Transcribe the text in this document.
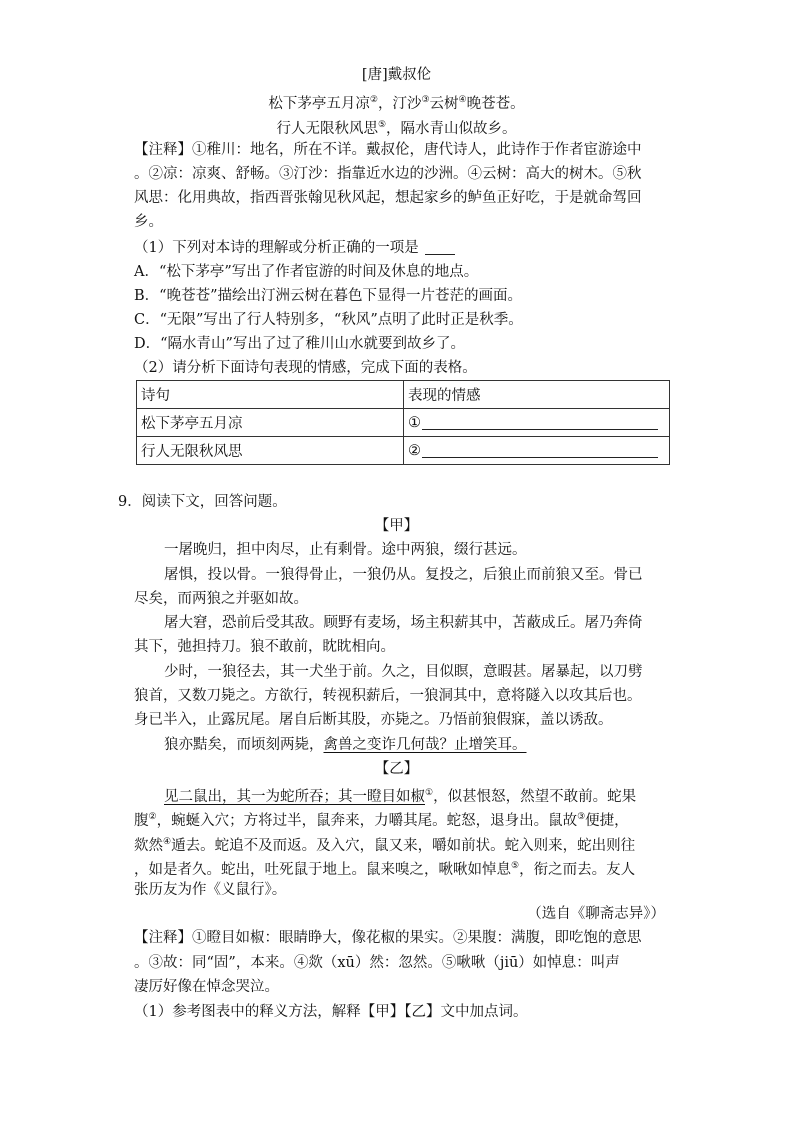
[唐]戴叔伦
松下茅亭五月凉②，汀沙③云树④晚苍苍。
行人无限秋风思⑤，隔水青山似故乡。
【注释】①稚川：地名，所在不详。戴叔伦，唐代诗人，此诗作于作者宦游途中
。②凉：凉爽、舒畅。③汀沙：指靠近水边的沙洲。④云树：高大的树木。⑤秋
风思：化用典故，指西晋张翰见秋风起，想起家乡的鲈鱼正好吃，于是就命驾回
乡。
（1）下列对本诗的理解或分析正确的一项是
A．“松下茅亭”写出了作者宦游的时间及休息的地点。
B．“晚苍苍”描绘出汀洲云树在暮色下显得一片苍茫的画面。
C．“无限”写出了行人特别多，“秋风”点明了此时正是秋季。
D．“隔水青山”写出了过了稚川山水就要到故乡了。
（2）请分析下面诗句表现的情感，完成下面的表格。
诗句	表现的情感
松下茅亭五月凉	①
行人无限秋风思	②
9．阅读下文，回答问题。
【甲】
一屠晚归，担中肉尽，止有剩骨。途中两狼，缀行甚远。
屠惧，投以骨。一狼得骨止，一狼仍从。复投之，后狼止而前狼又至。骨已
尽矣，而两狼之并驱如故。
屠大窘，恐前后受其敌。顾野有麦场，场主积薪其中，苫蔽成丘。屠乃奔倚
其下，弛担持刀。狼不敢前，眈眈相向。
少时，一狼径去，其一犬坐于前。久之，目似瞑，意暇甚。屠暴起，以刀劈
狼首，又数刀毙之。方欲行，转视积薪后，一狼洞其中，意将隧入以攻其后也。
身已半入，止露尻尾。屠自后断其股，亦毙之。乃悟前狼假寐，盖以诱敌。
狼亦黠矣，而顷刻两毙，禽兽之变诈几何哉？止增笑耳。
【乙】
见二鼠出，其一为蛇所吞；其一瞪目如椒①，似甚恨怒，然望不敢前。蛇果
腹②，蜿蜒入穴；方将过半，鼠奔来，力嚼其尾。蛇怒，退身出。鼠故③便捷，
欻然④遁去。蛇追不及而返。及入穴，鼠又来，嚼如前状。蛇入则来，蛇出则往
，如是者久。蛇出，吐死鼠于地上。鼠来嗅之，啾啾如悼息⑤，衔之而去。友人
张历友为作《义鼠行》。
（选自《聊斋志异》）
【注释】①瞪目如椒：眼睛睁大，像花椒的果实。②果腹：满腹，即吃饱的意思
。③故：同“固”，本来。④欻（xū）然：忽然。⑤啾啾（jiū）如悼息：叫声
凄厉好像在悼念哭泣。
（1）参考图表中的释义方法，解释【甲】【乙】文中加点词。
